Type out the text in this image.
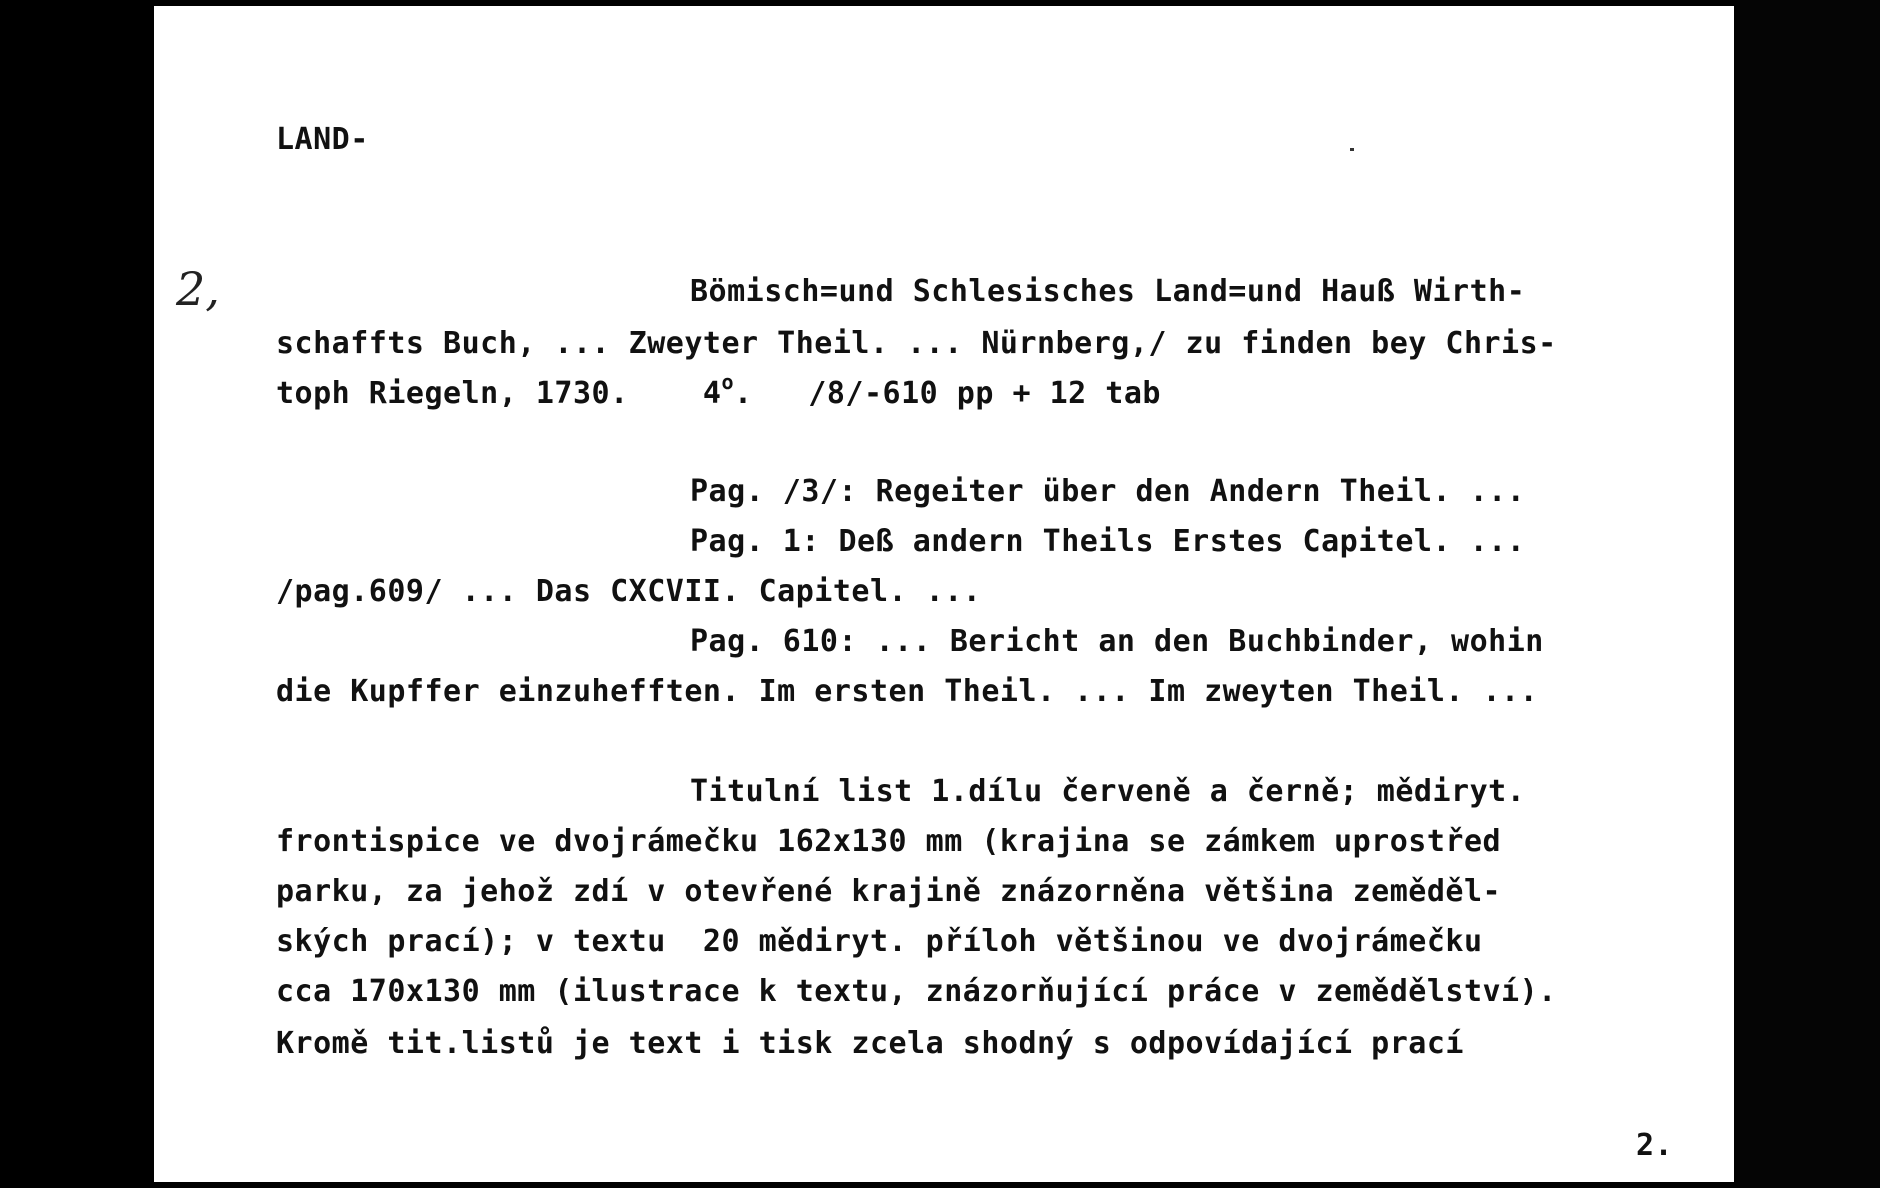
LAND-
2,	Bömisch=und Schlesisches Land=und Hauß Wirth-
schaffts Buch, ... Zweyter Theil. ... Nürnberg,/ zu finden bey Chris-
toph Riegeln, 1730.    4$^o$.   /8/-610 pp + 12 tab
Pag. /3/: Regeiter über den Andern Theil. ...
Pag. 1: Deß andern Theils Erstes Capitel. ...
/pag.609/ ... Das CXCVII. Capitel. ...
Pag. 610: ... Bericht an den Buchbinder, wohin
die Kupffer einzuhefften. Im ersten Theil. ... Im zweyten Theil. ...
Titulní list 1.dílu červeně a černě; mědiryt.
frontispice ve dvojrámečku 162x130 mm (krajina se zámkem uprostřed
parku, za jehož zdí v otevřené krajině znázorněna většina zeměděl-
ských prací); v textu  20 mědiryt. příloh většinou ve dvojrámečku
cca 170x130 mm (ilustrace k textu, znázorňující práce v zemědělství).
Kromě tit.listů je text i tisk zcela shodný s odpovídající prací
2.
